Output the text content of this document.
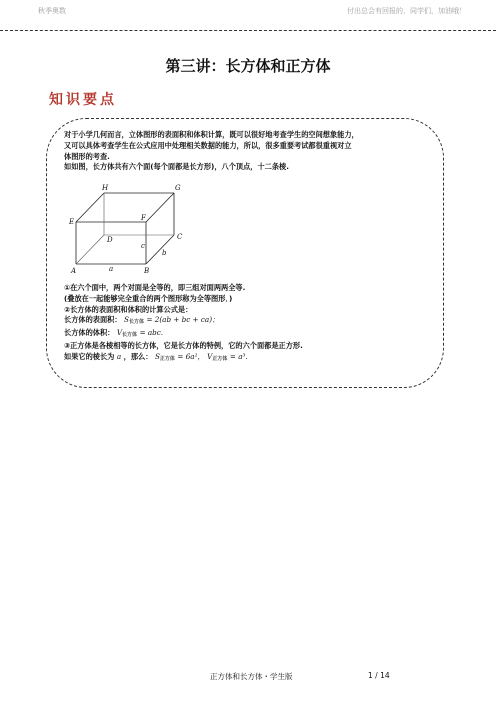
秋季奥数	付出总会有回报的，同学们，加油哦！
第三讲：长方体和正方体
知识要点

对于小学几何而言，立体图形的表面积和体积计算，既可以很好地考查学生的空间想象能力，

又可以具体考查学生在公式应用中处理相关数据的能力，所以，很多重要考试都很重视对立

体图形的考查.

如如图，长方体共有六个面(每个面都是长方形)，八个顶点，十二条棱.

H	G
E	F
D	C
A	B
a
b
c

①在六个面中，两个对面是全等的，即三组对面两两全等.

(叠放在一起能够完全重合的两个图形称为全等图形．)

②长方体的表面积和体积的计算公式是：

长方体的表面积： $S_{长方体} = 2(ab$ + bc + ca)；

长方体的体积： $V_{长方体}$ = abc．

③正方体是各棱相等的长方体，它是长方体的特例，它的六个面都是正方形.

如果它的棱长为 a ，那么： $S_{正方体} = 6a^2$， $V_{正方体} = a^3$．

正方体和长方体・学生版	1 / 14
